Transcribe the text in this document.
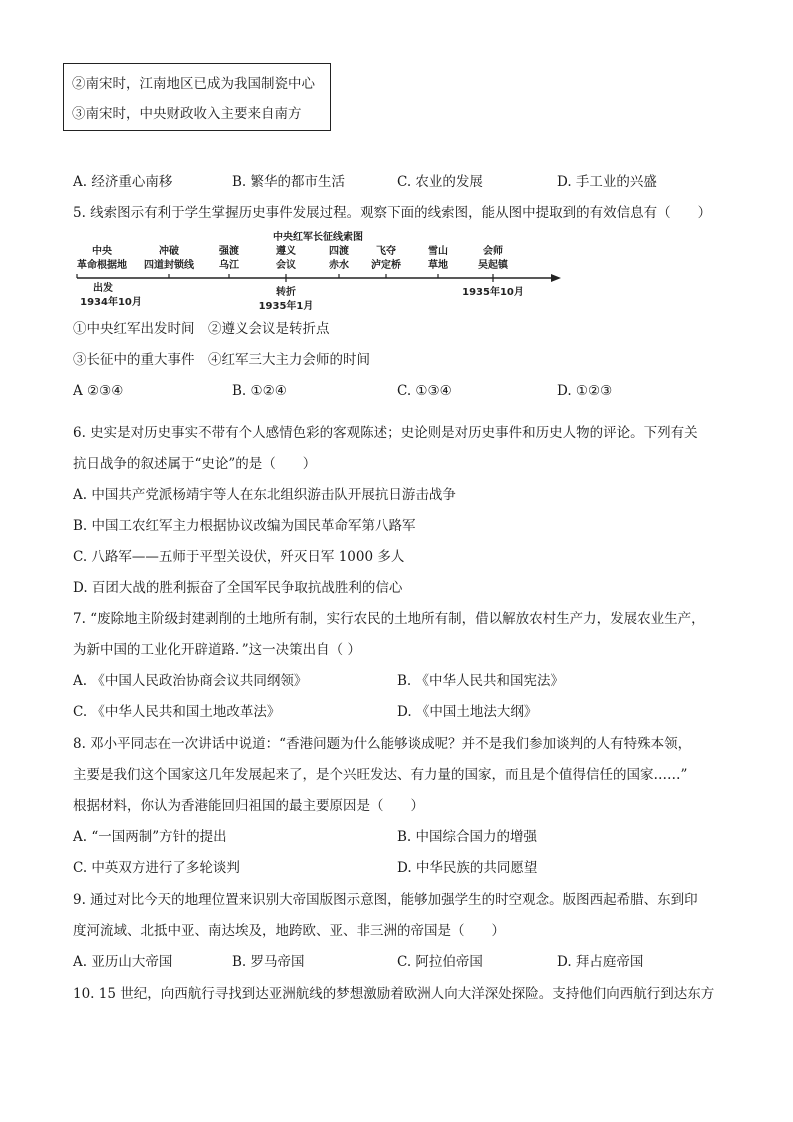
②南宋时，江南地区已成为我国制瓷中心
③南宋时，中央财政收入主要来自南方
A. 经济重心南移	B. 繁华的都市生活	C. 农业的发展	D. 手工业的兴盛
5. 线索图示有利于学生掌握历史事件发展过程。观察下面的线索图，能从图中提取到的有效信息有（　　）
中央红军长征线索图
中央
革命根据地
冲破
四道封锁线
强渡
乌江
遵义
会议
四渡
赤水
飞夺
泸定桥
雪山
草地
会师
吴起镇
出发
1934年10月
转折
1935年1月
1935年10月
①中央红军出发时间　②遵义会议是转折点
③长征中的重大事件　④红军三大主力会师的时间
A ②③④	B. ①②④	C. ①③④	D. ①②③
6. 史实是对历史事实不带有个人感情色彩的客观陈述；史论则是对历史事件和历史人物的评论。下列有关
抗日战争的叙述属于“史论”的是（　　）
A. 中国共产党派杨靖宇等人在东北组织游击队开展抗日游击战争
B. 中国工农红军主力根据协议改编为国民革命军第八路军
C. 八路军——五师于平型关设伏，歼灭日军 1000 多人
D. 百团大战的胜利振奋了全国军民争取抗战胜利的信心
7. “废除地主阶级封建剥削的土地所有制，实行农民的土地所有制，借以解放农村生产力，发展农业生产，
为新中国的工业化开辟道路．”这一决策出自（ ）
A. 《中国人民政治协商会议共同纲领》	B. 《中华人民共和国宪法》
C. 《中华人民共和国土地改革法》	D. 《中国土地法大纲》
8. 邓小平同志在一次讲话中说道：“香港问题为什么能够谈成呢？并不是我们参加谈判的人有特殊本领，
主要是我们这个国家这几年发展起来了，是个兴旺发达、有力量的国家，而且是个值得信任的国家……”
根据材料，你认为香港能回归祖国的最主要原因是（　　）
A. “一国两制”方针的提出	B. 中国综合国力的增强
C. 中英双方进行了多轮谈判	D. 中华民族的共同愿望
9. 通过对比今天的地理位置来识别大帝国版图示意图，能够加强学生的时空观念。版图西起希腊、东到印
度河流域、北抵中亚、南达埃及，地跨欧、亚、非三洲的帝国是（　　）
A. 亚历山大帝国	B. 罗马帝国	C. 阿拉伯帝国	D. 拜占庭帝国
10. 15 世纪，向西航行寻找到达亚洲航线的梦想激励着欧洲人向大洋深处探险。支持他们向西航行到达东方
